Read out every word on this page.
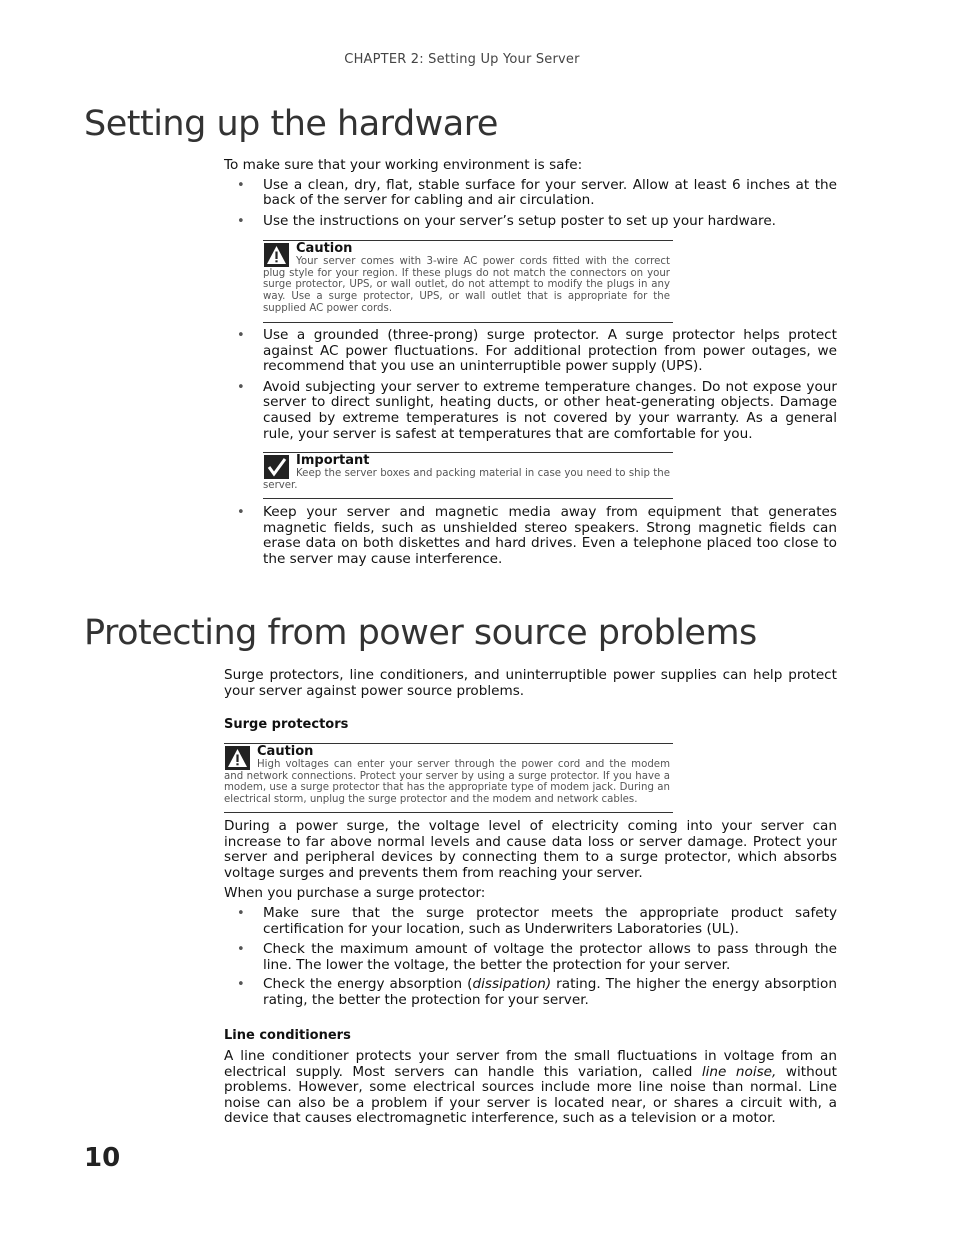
CHAPTER 2: Setting Up Your Server
Setting up the hardware

To make sure that your working environment is safe:

• Use a clean, dry, flat, stable surface for your server. Allow at least 6 inches at the back of the server for cabling and air circulation.
• Use the instructions on your server’s setup poster to set up your hardware.
Caution
Your server comes with 3-wire AC power cords fitted with the correct plug style for your region. If these plugs do not match the connectors on your surge protector, UPS, or wall outlet, do not attempt to modify the plugs in any way. Use a surge protector, UPS, or wall outlet that is appropriate for the supplied AC power cords.
• Use a grounded (three-prong) surge protector. A surge protector helps protect against AC power fluctuations. For additional protection from power outages, we recommend that you use an uninterruptible power supply (UPS).
• Avoid subjecting your server to extreme temperature changes. Do not expose your server to direct sunlight, heating ducts, or other heat-generating objects. Damage caused by extreme temperatures is not covered by your warranty. As a general rule, your server is safest at temperatures that are comfortable for you.
Important
Keep the server boxes and packing material in case you need to ship the server.
• Keep your server and magnetic media away from equipment that generates magnetic fields, such as unshielded stereo speakers. Strong magnetic fields can erase data on both diskettes and hard drives. Even a telephone placed too close to the server may cause interference.
Protecting from power source problems

Surge protectors, line conditioners, and uninterruptible power supplies can help protect your server against power source problems.

Surge protectors
Caution
High voltages can enter your server through the power cord and the modem and network connections. Protect your server by using a surge protector. If you have a modem, use a surge protector that has the appropriate type of modem jack. During an electrical storm, unplug the surge protector and the modem and network cables.

During a power surge, the voltage level of electricity coming into your server can increase to far above normal levels and cause data loss or server damage. Protect your server and peripheral devices by connecting them to a surge protector, which absorbs voltage surges and prevents them from reaching your server.

When you purchase a surge protector:

• Make sure that the surge protector meets the appropriate product safety certification for your location, such as Underwriters Laboratories (UL).
• Check the maximum amount of voltage the protector allows to pass through the line. The lower the voltage, the better the protection for your server.
• Check the energy absorption (dissipation) rating. The higher the energy absorption rating, the better the protection for your server.
Line conditioners

A line conditioner protects your server from the small fluctuations in voltage from an electrical supply. Most servers can handle this variation, called line noise, without problems. However, some electrical sources include more line noise than normal. Line noise can also be a problem if your server is located near, or shares a circuit with, a device that causes electromagnetic interference, such as a television or a motor.

10
